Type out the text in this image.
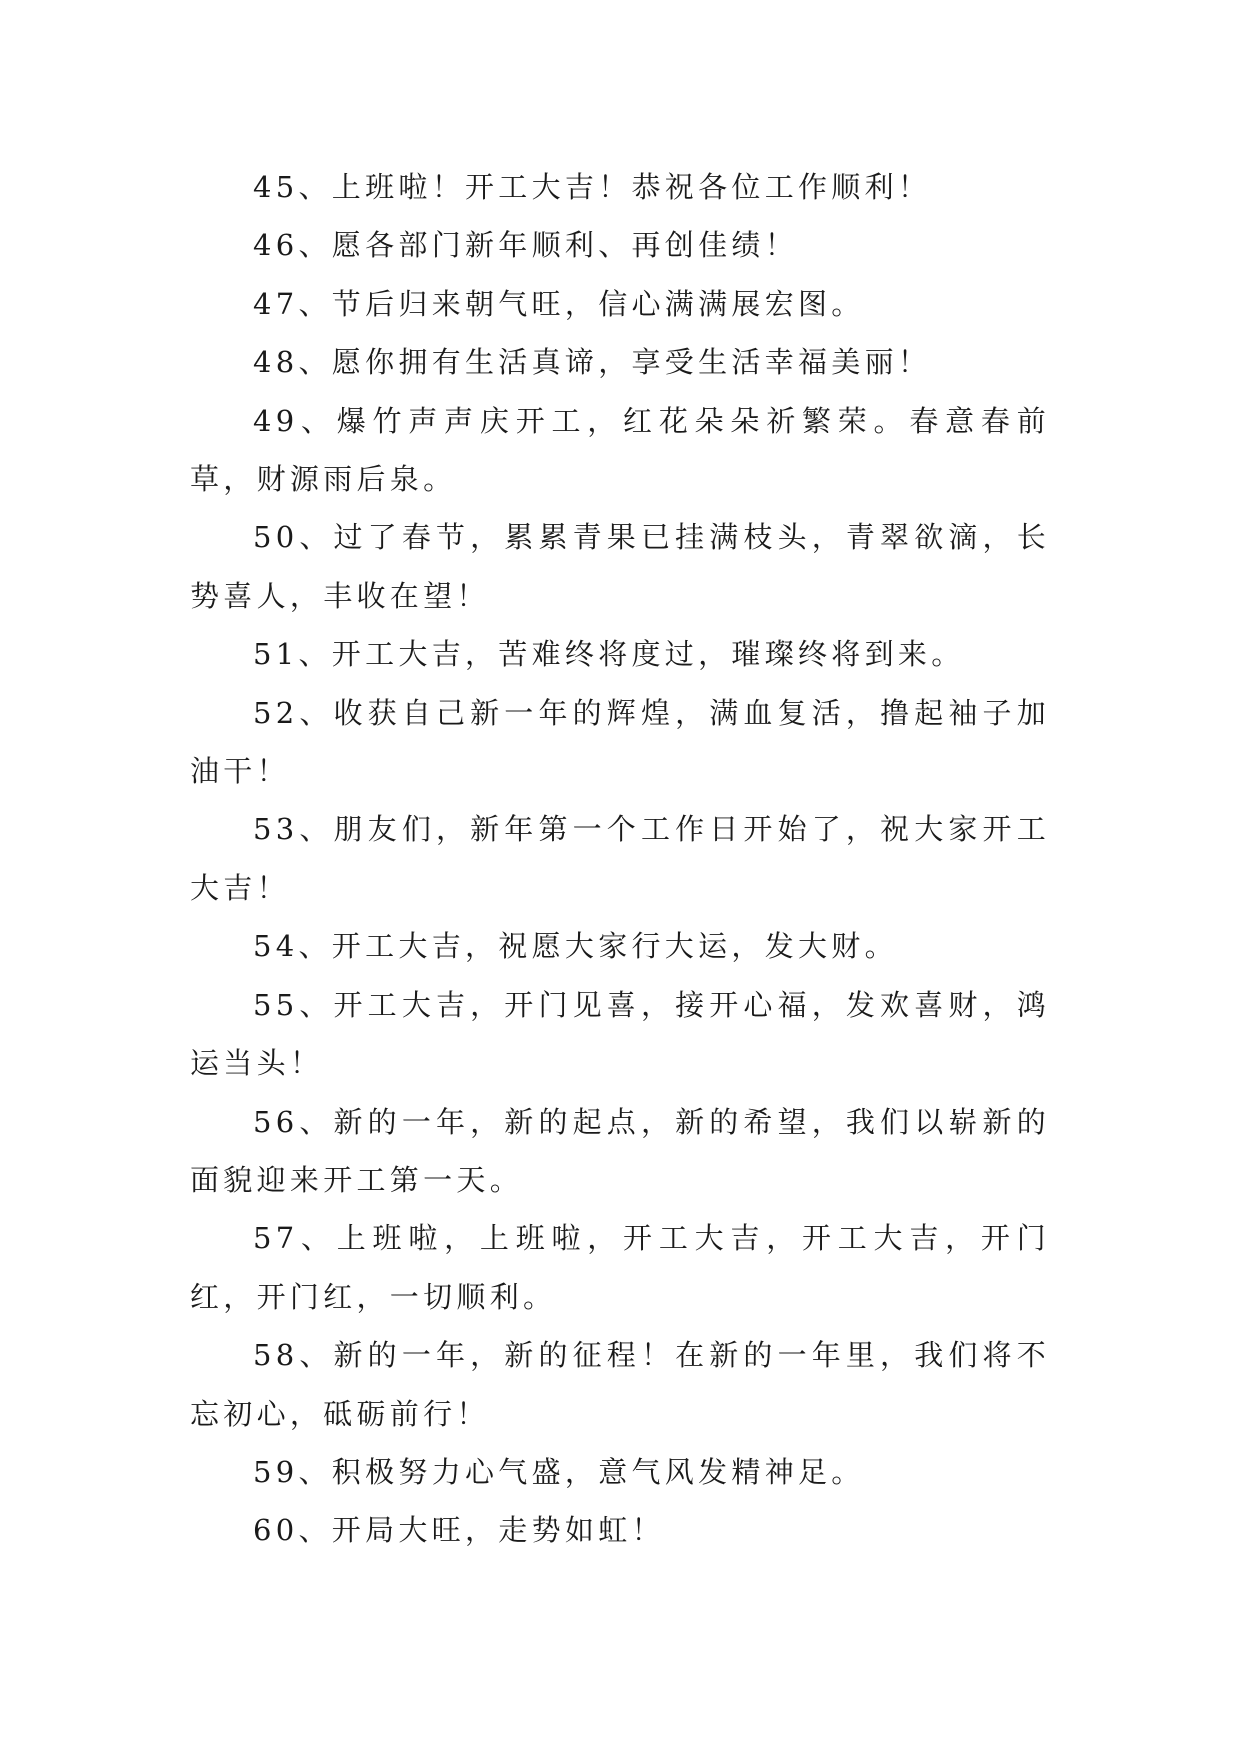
45、上班啦！开工大吉！恭祝各位工作顺利！

46、愿各部门新年顺利、再创佳绩！

47、节后归来朝气旺，信心满满展宏图。

48、愿你拥有生活真谛，享受生活幸福美丽！

49、爆竹声声庆开工，红花朵朵祈繁荣。春意春前草，财源雨后泉。

50、过了春节，累累青果已挂满枝头，青翠欲滴，长势喜人，丰收在望！

51、开工大吉，苦难终将度过，璀璨终将到来。

52、收获自己新一年的辉煌，满血复活，撸起袖子加油干！

53、朋友们，新年第一个工作日开始了，祝大家开工大吉！

54、开工大吉，祝愿大家行大运，发大财。

55、开工大吉，开门见喜，接开心福，发欢喜财，鸿运当头！

56、新的一年，新的起点，新的希望，我们以崭新的面貌迎来开工第一天。

57、上班啦，上班啦，开工大吉，开工大吉，开门红，开门红，一切顺利。

58、新的一年，新的征程！在新的一年里，我们将不忘初心，砥砺前行！

59、积极努力心气盛，意气风发精神足。

60、开局大旺，走势如虹！
